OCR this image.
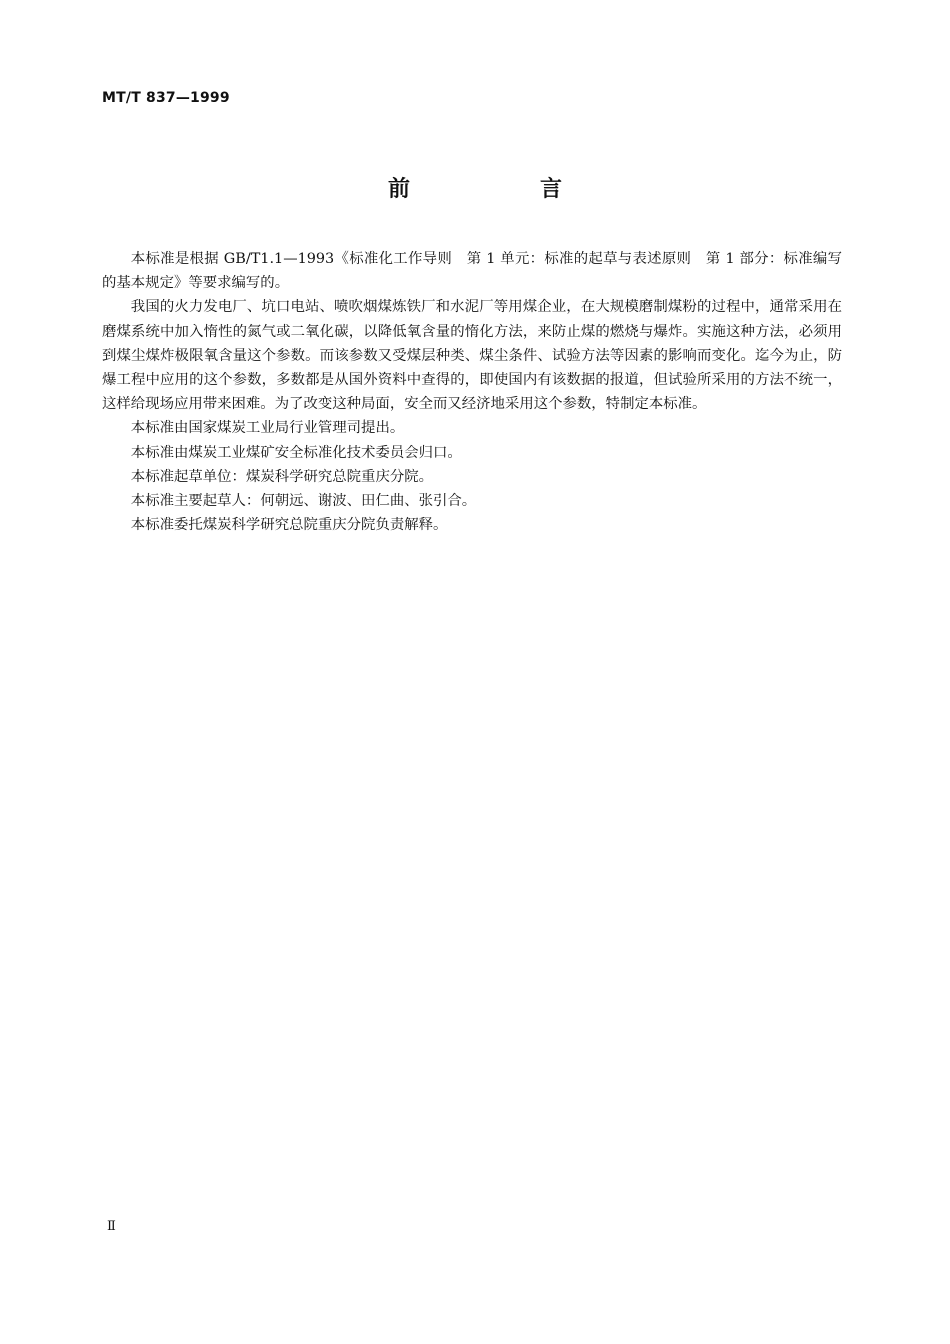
MT/T 837—1999
前　言

本标准是根据 GB/T1.1—1993《标准化工作导则　第 1 单元：标准的起草与表述原则　第 1 部分：标准编写的基本规定》等要求编写的。

我国的火力发电厂、坑口电站、喷吹烟煤炼铁厂和水泥厂等用煤企业，在大规模磨制煤粉的过程中，通常采用在磨煤系统中加入惰性的氮气或二氧化碳，以降低氧含量的惰化方法，来防止煤的燃烧与爆炸。实施这种方法，必须用到煤尘煤炸极限氧含量这个参数。而该参数又受煤层种类、煤尘条件、试验方法等因素的影响而变化。迄今为止，防爆工程中应用的这个参数，多数都是从国外资料中查得的，即使国内有该数据的报道，但试验所采用的方法不统一，这样给现场应用带来困难。为了改变这种局面，安全而又经济地采用这个参数，特制定本标准。

本标准由国家煤炭工业局行业管理司提出。

本标准由煤炭工业煤矿安全标准化技术委员会归口。

本标准起草单位：煤炭科学研究总院重庆分院。

本标准主要起草人：何朝远、谢波、田仁曲、张引合。

本标准委托煤炭科学研究总院重庆分院负责解释。

Ⅱ
